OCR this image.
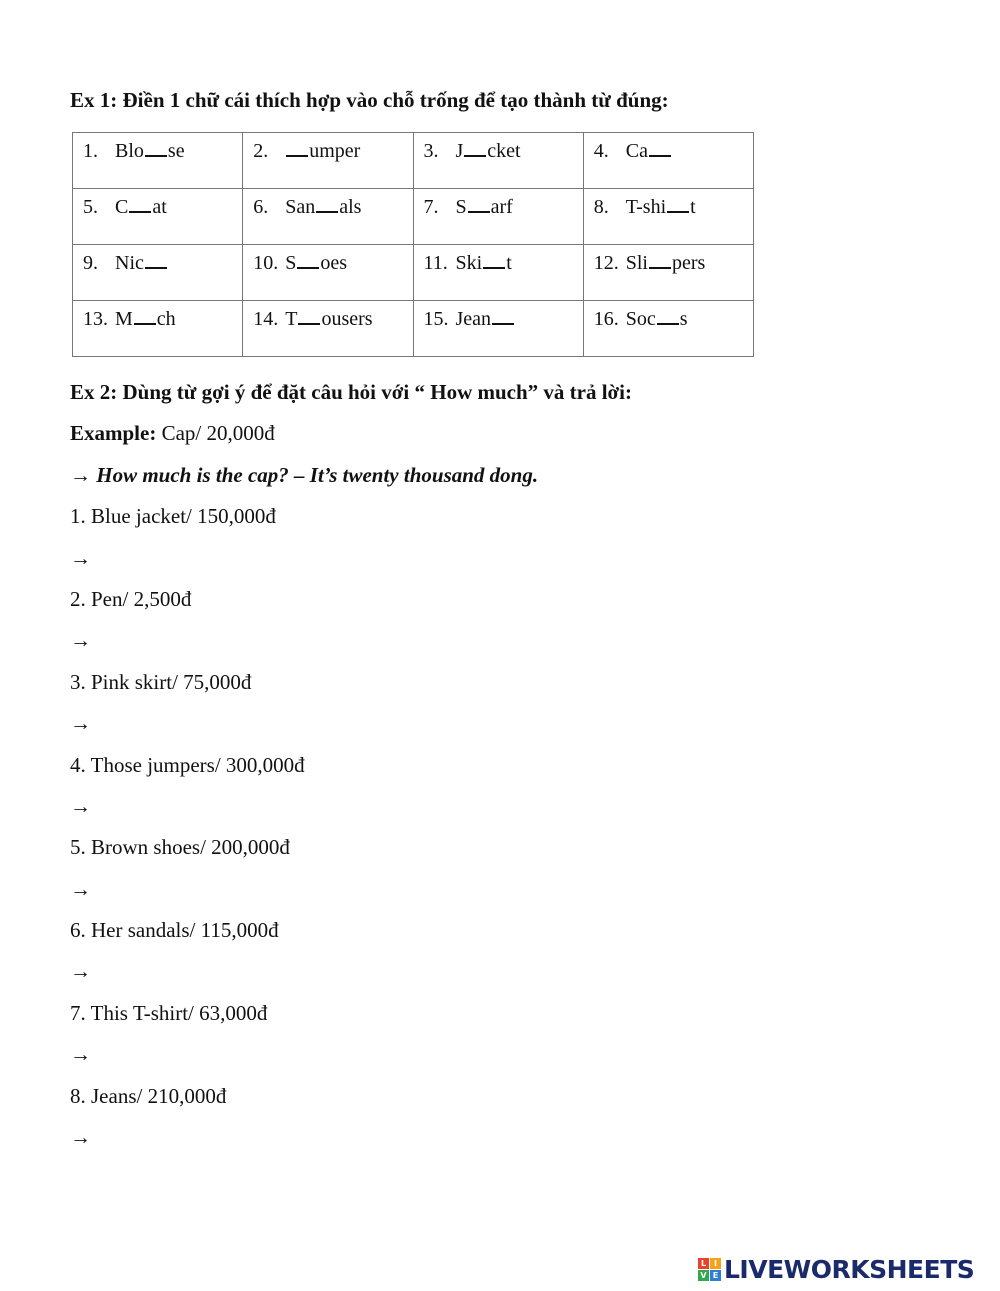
Ex 1: Điền 1 chữ cái thích hợp vào chỗ trống để tạo thành từ đúng:

1. Blo se	2. umper	3. J cket	4. Ca
5. C at	6. San als	7. S arf	8. T-shi t
9. Nic	10. S oes	11. Ski t	12. Sli pers
13. M ch	14. T ousers	15. Jean	16. Soc s

Ex 2: Dùng từ gợi ý để đặt câu hỏi với “ How much” và trả lời:

Example: Cap/ 20,000đ
→ How much is the cap? – It’s twenty thousand dong.
1. Blue jacket/ 150,000đ
→
2. Pen/ 2,500đ
→
3. Pink skirt/ 75,000đ
→
4. Those jumpers/ 300,000đ
→
5. Brown shoes/ 200,000đ
→
6. Her sandals/ 115,000đ
→
7. This T-shirt/ 63,000đ
→
8. Jeans/ 210,000đ
→
L I
V E LIVEWORKSHEETS
